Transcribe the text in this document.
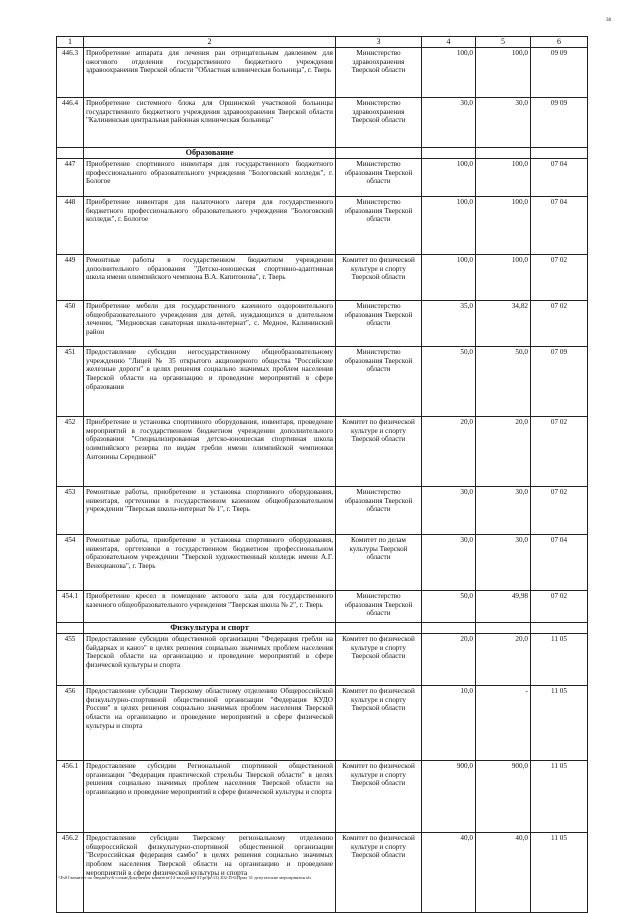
38
1	2	3	4	5	6
446.3	Приобретение аппарата для лечения ран отрицательным давлением для ожогового отделения государственного бюджетного учреждения здравоохранения Тверской области "Областная клиническая больница", г. Тверь	Министерство здравоохранения Тверской области	100,0	100,0	09 09
446.4	Приобретение системного блока для Оршинской участковой больницы государственного бюджетного учреждения здравоохранения Тверской области "Калининская центральная районная клиническая больница"	Министерство здравоохранения Тверской области	30,0	30,0	09 09
	Образование				
447	Приобретение спортивного инвентаря для государственного бюджетного профессионального образовательного учреждения "Бологовский колледж", г. Бологое	Министерство образования Тверской области	100,0	100,0	07 04
448	Приобретение инвентаря для палаточного лагеря для государственного бюджетного профессионального образовательного учреждения "Бологовский колледж", г. Бологое	Министерство образования Тверской области	100,0	100,0	07 04
449	Ремонтные работы в государственном бюджетном учреждении дополнительного образования "Детско-юношеская спортивно-адаптивная школа имени олимпийского чемпиона В.А. Капитонова", г. Тверь	Комитет по физической культуре и спорту Тверской области	100,0	100,0	07 02
450	Приобретение мебели для государственного казенного оздоровительного общеобразовательного учреждения для детей, нуждающихся в длительном лечении, "Медновская санаторная школа-интернат", с. Медное, Калининский район	Министерство образования Тверской области	35,0	34,82	07 02
451	Предоставление субсидии негосударственному общеобразовательному учреждению "Лицей № 35 открытого акционерного общества "Российские железные дороги" в целях решения социально значимых проблем населения Тверской области на организацию и проведение мероприятий в сфере образования	Министерство образования Тверской области	50,0	50,0	07 09
452	Приобретение и установка спортивного оборудования, инвентаря, проведение мероприятий в государственном бюджетном учреждении дополнительного образования "Специализированная детско-юношеская спортивная школа олимпийского резерва по видам гребли имени олимпийской чемпионки Антонины Серединой"	Комитет по физической культуре и спорту Тверской области	20,0	20,0	07 02
453	Ремонтные работы, приобретение и установка спортивного оборудования, инвентаря, оргтехники в государственном казенном общеобразовательном учреждении "Тверская школа-интернат № 1", г. Тверь	Министерство образования Тверской области	30,0	30,0	07 02
454	Ремонтные работы, приобретение и установка спортивного оборудования, инвентаря, оргтехники в государственном бюджетном профессиональном образовательном учреждении "Тверской художественный колледж имени А.Г. Венецианова", г. Тверь	Комитет по делам культуры Тверской области	30,0	30,0	07 04
454.1	Приобретение кресел в помещение актового зала для государственного казенного общеобразовательного учреждения "Тверская школа № 2", г. Тверь	Министерство образования Тверской области	50,0	49,98	07 02
	Физкультура и спорт				
455	Предоставление субсидии общественной организации "Федерация гребли на байдарках и каноэ" в целях решения социально значимых проблем населения Тверской области на организацию и проведение мероприятий в сфере физической культуры и спорта	Комитет по физической культуре и спорту Тверской области	20,0	20,0	11 05
456	Предоставление субсидии Тверскому областному отделению Общероссийской физкультурно-спортивной общественной организации "Федерация КУДО России" в целях решения социально значимых проблем населения Тверской области на организацию и проведение мероприятий в сфере физической культуры и спорта	Комитет по физической культуре и спорту Тверской области	10,0	-	11 05
456.1	Предоставление субсидии Региональной спортивной общественной организации "Федерация практической стрельбы Тверской области" в целях решения социально значимых проблем населения Тверской области на организацию и проведение мероприятий в сфере физической культуры и спорта	Комитет по физической культуре и спорту Тверской области	900,0	900,0	11 05
456.2	Предоставление субсидии Тверскому региональному отделению общероссийской физкультурно-спортивной общественной организации "Всероссийская федерация самбо" в целях решения социально значимых проблем населения Тверской области на организацию и проведение мероприятий в сфере физической культуры и спорта	Комитет по физической культуре и спорту Тверской области	40,0	40,0	11 05
\\Fs01\комитет по бюджету\6 созыв\Документы комитета\13 заседание 01\pr\pr\13) 202-П-6\Прил 31 депутатские мероприятия.xls
